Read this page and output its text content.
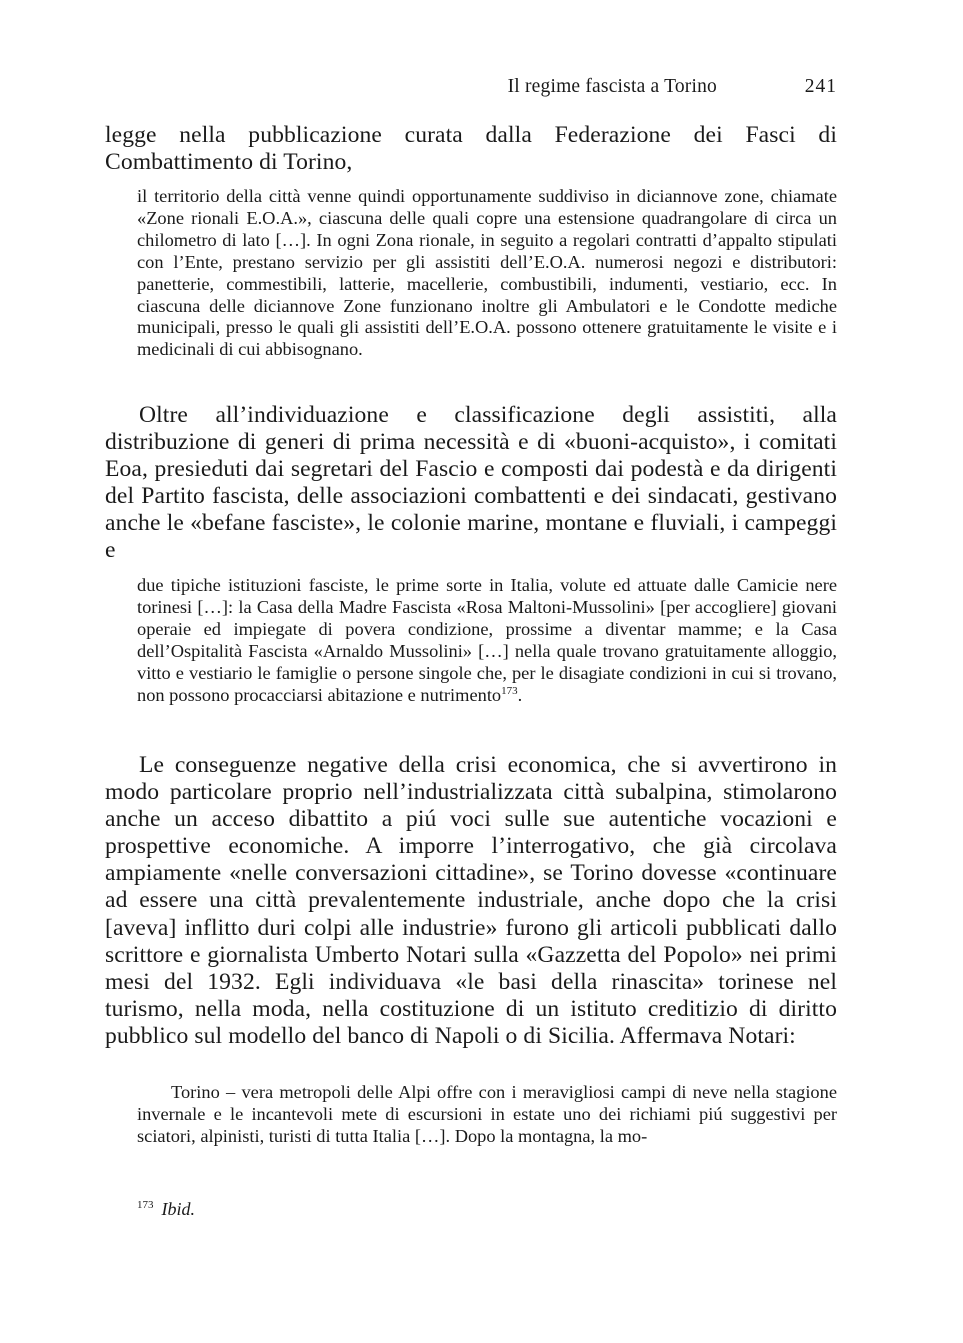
Il regime fascista a Torino	241

legge nella pubblicazione curata dalla Federazione dei Fasci di Combattimento di Torino,

il territorio della città venne quindi opportunamente suddiviso in diciannove zone, chiamate «Zone rionali E.O.A.», ciascuna delle quali copre una estensione quadrangolare di circa un chilometro di lato […]. In ogni Zona rionale, in seguito a regolari contratti d’appalto stipulati con l’Ente, prestano servizio per gli assistiti dell’E.O.A. numerosi negozi e distributori: panetterie, commestibili, latterie, macellerie, combustibili, indumenti, vestiario, ecc. In ciascuna delle diciannove Zone funzionano inoltre gli Ambulatori e le Condotte mediche municipali, presso le quali gli assistiti dell’E.O.A. possono ottenere gratuitamente le visite e i medicinali di cui abbisognano.

Oltre all’individuazione e classificazione degli assistiti, alla distribuzione di generi di prima necessità e di «buoni-acquisto», i comitati Eoa, presieduti dai segretari del Fascio e composti dai podestà e da dirigenti del Partito fascista, delle associazioni combattenti e dei sindacati, gestivano anche le «befane fasciste», le colonie marine, montane e fluviali, i campeggi e

due tipiche istituzioni fasciste, le prime sorte in Italia, volute ed attuate dalle Camicie nere torinesi […]: la Casa della Madre Fascista «Rosa Maltoni-Mussolini» [per accogliere] giovani operaie ed impiegate di povera condizione, prossime a diventar mamme; e la Casa dell’Ospitalità Fascista «Arnaldo Mussolini» […] nella quale trovano gratuitamente alloggio, vitto e vestiario le famiglie o persone singole che, per le disagiate condizioni in cui si trovano, non possono procacciarsi abitazione e nutrimento$^{173}$.

Le conseguenze negative della crisi economica, che si avvertirono in modo particolare proprio nell’industrializzata città subalpina, stimolarono anche un acceso dibattito a piú voci sulle sue autentiche vocazioni e prospettive economiche. A imporre l’interrogativo, che già circolava ampiamente «nelle conversazioni cittadine», se Torino dovesse «continuare ad essere una città prevalentemente industriale, anche dopo che la crisi [aveva] inflitto duri colpi alle industrie» furono gli articoli pubblicati dallo scrittore e giornalista Umberto Notari sulla «Gazzetta del Popolo» nei primi mesi del 1932. Egli individuava «le basi della rinascita» torinese nel turismo, nella moda, nella costituzione di un istituto creditizio di diritto pubblico sul modello del banco di Napoli o di Sicilia. Affermava Notari:

Torino – vera metropoli delle Alpi offre con i meravigliosi campi di neve nella stagione invernale e le incantevoli mete di escursioni in estate uno dei richiami piú suggestivi per sciatori, alpinisti, turisti di tutta Italia […]. Dopo la montagna, la mo-

$^{173}$ Ibid.
